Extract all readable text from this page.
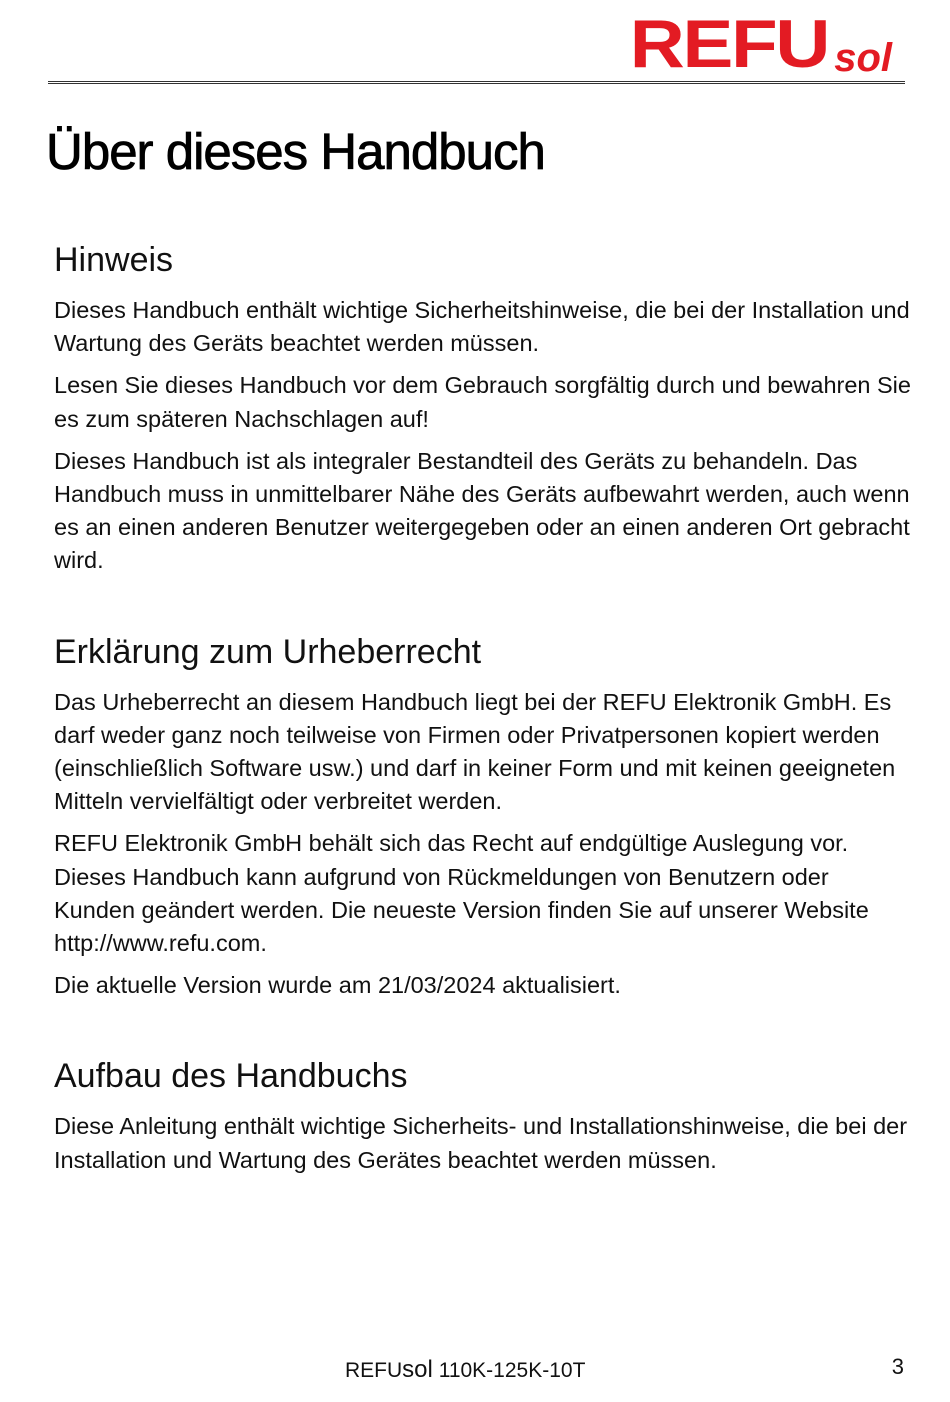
REFU sol
Über dieses Handbuch
Hinweis

Dieses Handbuch enthält wichtige Sicherheitshinweise, die bei der Installation und Wartung des Geräts beachtet werden müssen.

Lesen Sie dieses Handbuch vor dem Gebrauch sorgfältig durch und bewahren Sie es zum späteren Nachschlagen auf!

Dieses Handbuch ist als integraler Bestandteil des Geräts zu behandeln. Das Handbuch muss in unmittelbarer Nähe des Geräts aufbewahrt werden, auch wenn es an einen anderen Benutzer weitergegeben oder an einen anderen Ort gebracht wird.

Erklärung zum Urheberrecht

Das Urheberrecht an diesem Handbuch liegt bei der REFU Elektronik GmbH. Es darf weder ganz noch teilweise von Firmen oder Privatpersonen kopiert werden (einschließlich Software usw.) und darf in keiner Form und mit keinen geeigneten Mitteln vervielfältigt oder verbreitet werden.

REFU Elektronik GmbH behält sich das Recht auf endgültige Auslegung vor. Dieses Handbuch kann aufgrund von Rückmeldungen von Benutzern oder Kunden geändert werden. Die neueste Version finden Sie auf unserer Website http://www.refu.com.

Die aktuelle Version wurde am 21/03/2024 aktualisiert.

Aufbau des Handbuchs

Diese Anleitung enthält wichtige Sicherheits- und Installationshinweise, die bei der Installation und Wartung des Gerätes beachtet werden müssen.

REFU sol 110K-125K-10T	3
